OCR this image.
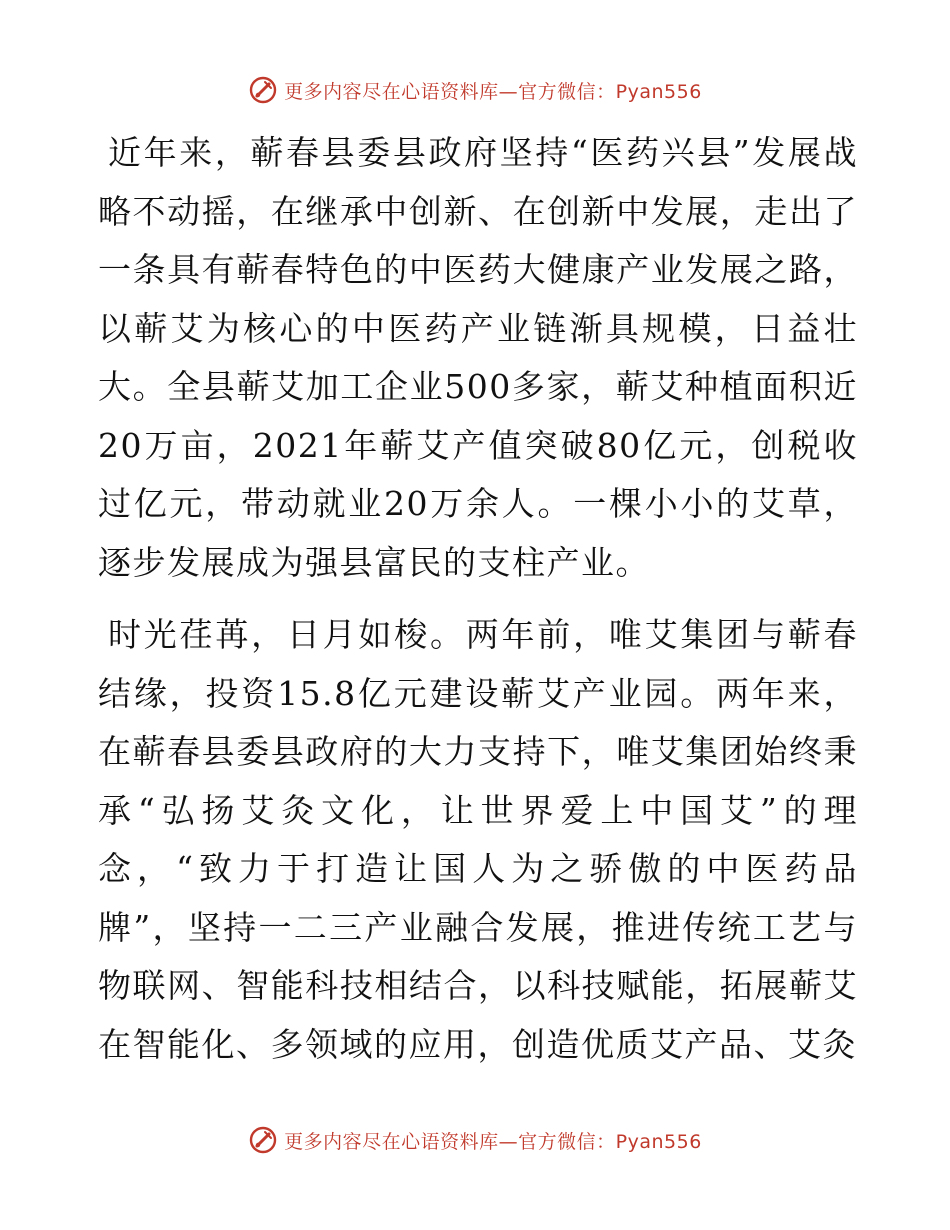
更多内容尽在心语资料库—官方微信：Pyan556

近年来，蕲春县委县政府坚持“医药兴县”发展战略不动摇，在继承中创新、在创新中发展，走出了一条具有蕲春特色的中医药大健康产业发展之路，以蕲艾为核心的中医药产业链渐具规模，日益壮大。全县蕲艾加工企业500多家，蕲艾种植面积近20万亩，2021年蕲艾产值突破80亿元，创税收过亿元，带动就业20万余人。一棵小小的艾草，逐步发展成为强县富民的支柱产业。

时光荏苒，日月如梭。两年前，唯艾集团与蕲春结缘，投资15.8亿元建设蕲艾产业园。两年来，在蕲春县委县政府的大力支持下，唯艾集团始终秉承“弘扬艾灸文化，让世界爱上中国艾”的理念，“致力于打造让国人为之骄傲的中医药品牌”，坚持一二三产业融合发展，推进传统工艺与物联网、智能科技相结合，以科技赋能，拓展蕲艾在智能化、多领域的应用，创造优质艾产品、艾灸

更多内容尽在心语资料库—官方微信：Pyan556
